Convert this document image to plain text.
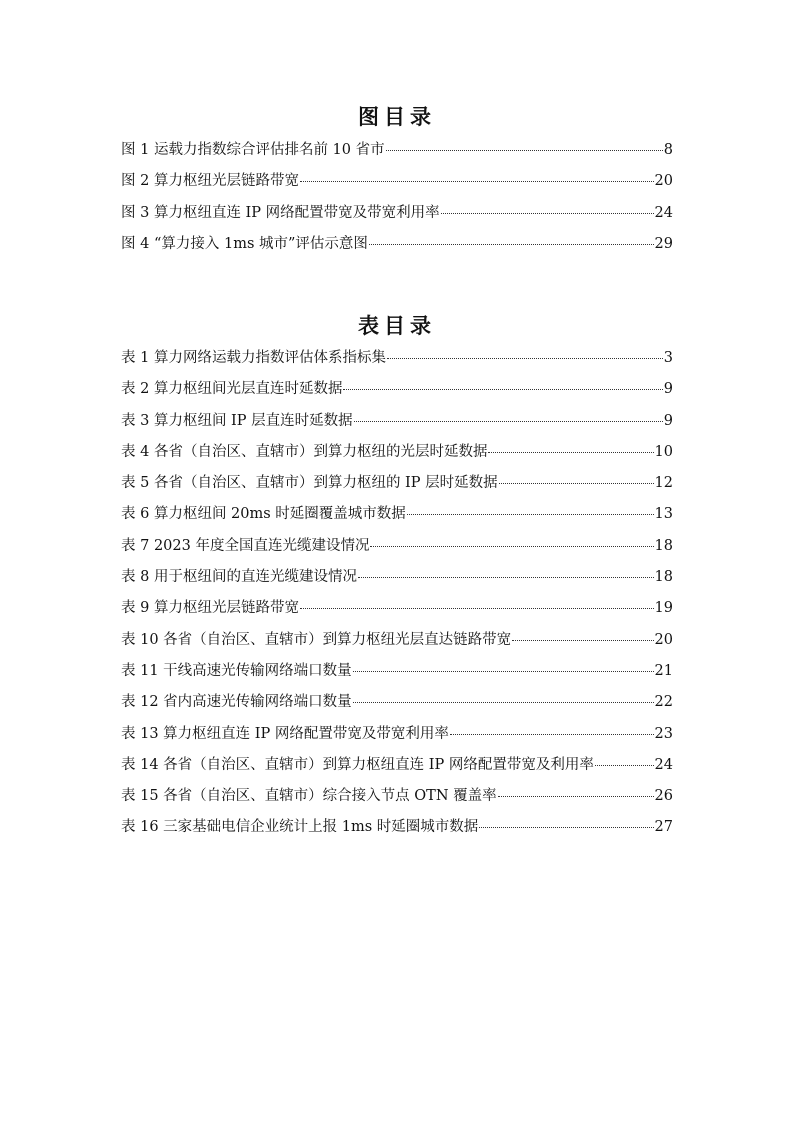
图目录
图 1 运载力指数综合评估排名前 10 省市	8
图 2 算力枢纽光层链路带宽	20
图 3 算力枢纽直连 IP 网络配置带宽及带宽利用率	24
图 4 “算力接入 1ms 城市”评估示意图	29
表目录
表 1 算力网络运载力指数评估体系指标集	3
表 2 算力枢纽间光层直连时延数据	9
表 3 算力枢纽间 IP 层直连时延数据	9
表 4 各省（自治区、直辖市）到算力枢纽的光层时延数据	10
表 5 各省（自治区、直辖市）到算力枢纽的 IP 层时延数据	12
表 6 算力枢纽间 20ms 时延圈覆盖城市数据	13
表 7 2023 年度全国直连光缆建设情况	18
表 8 用于枢纽间的直连光缆建设情况	18
表 9 算力枢纽光层链路带宽	19
表 10 各省（自治区、直辖市）到算力枢纽光层直达链路带宽	20
表 11 干线高速光传输网络端口数量	21
表 12 省内高速光传输网络端口数量	22
表 13 算力枢纽直连 IP 网络配置带宽及带宽利用率	23
表 14 各省（自治区、直辖市）到算力枢纽直连 IP 网络配置带宽及利用率	24
表 15 各省（自治区、直辖市）综合接入节点 OTN 覆盖率	26
表 16 三家基础电信企业统计上报 1ms 时延圈城市数据	27
